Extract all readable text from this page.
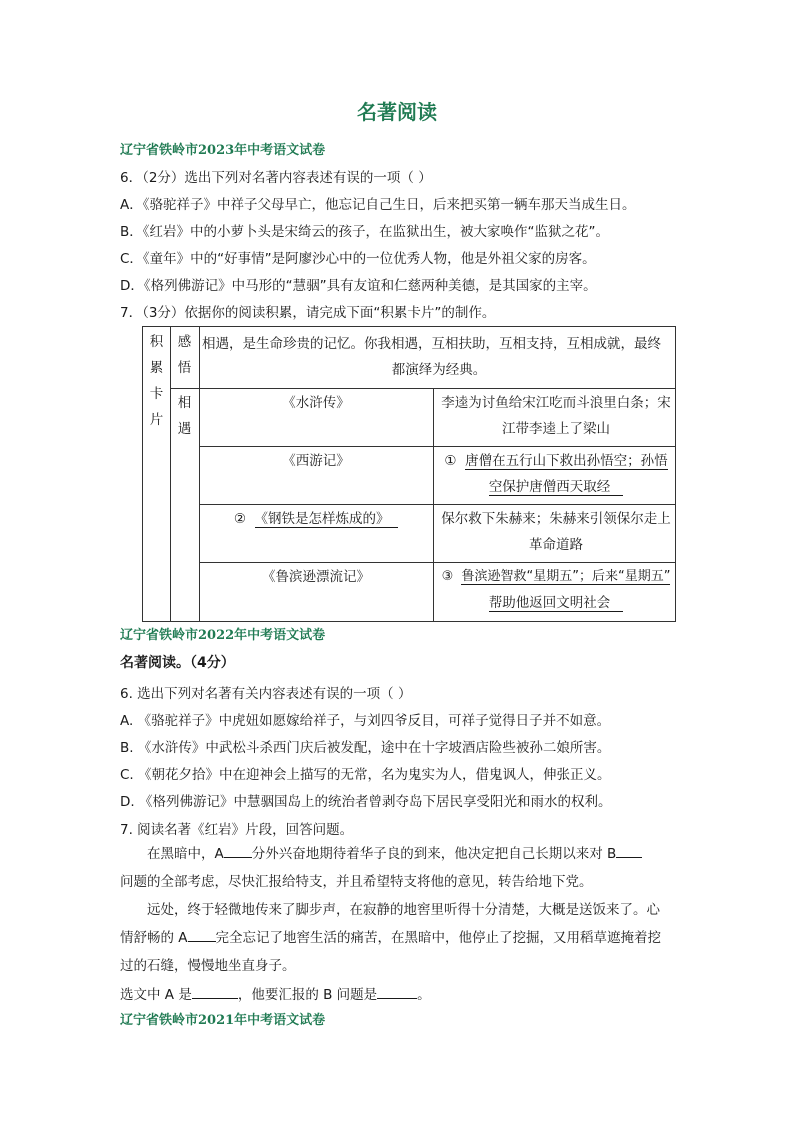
名著阅读
辽宁省铁岭市2023年中考语文试卷
6．（2分）选出下列对名著内容表述有误的一项（ ）
A．《骆驼祥子》中祥子父母早亡，他忘记自己生日，后来把买第一辆车那天当成生日。
B．《红岩》中的小萝卜头是宋绮云的孩子，在监狱出生，被大家唤作“监狱之花”。
C．《童年》中的“好事情”是阿廖沙心中的一位优秀人物，他是外祖父家的房客。
D．《格列佛游记》中马形的“慧骃”具有友谊和仁慈两种美德，是其国家的主宰。
7．（3分）依据你的阅读积累，请完成下面“积累卡片”的制作。
积
累
卡
片
感
悟
相
遇
相遇，是生命珍贵的记忆。你我相遇，互相扶助，互相支持，互相成就，最终
都演绎为经典。
《水浒传》	李逵为讨鱼给宋江吃而斗浪里白条；宋
江带李逵上了梁山
《西游记》	① 唐僧在五行山下救出孙悟空；孙悟
空保护唐僧西天取经
② 《钢铁是怎样炼成的》	保尔救下朱赫来；朱赫来引领保尔走上
革命道路
《鲁滨逊漂流记》	③ 鲁滨逊智救“星期五”；后来“星期五”
帮助他返回文明社会
辽宁省铁岭市2022年中考语文试卷
名著阅读。（4分）
6. 选出下列对名著有关内容表述有误的一项（ ）
A. 《骆驼祥子》中虎妞如愿嫁给祥子，与刘四爷反目，可祥子觉得日子并不如意。
B. 《水浒传》中武松斗杀西门庆后被发配，途中在十字坡酒店险些被孙二娘所害。
C. 《朝花夕拾》中在迎神会上描写的无常，名为鬼实为人，借鬼讽人，伸张正义。
D. 《格列佛游记》中慧骃国岛上的统治者曾剥夺岛下居民享受阳光和雨水的权利。
7. 阅读名著《红岩》片段，回答问题。
在黑暗中，A 分外兴奋地期待着华子良的到来，他决定把自己长期以来对 B
问题的全部考虑，尽快汇报给特支，并且希望特支将他的意见，转告给地下党。
远处，终于轻微地传来了脚步声，在寂静的地窖里听得十分清楚，大概是送饭来了。心
情舒畅的 A 完全忘记了地窖生活的痛苦，在黑暗中，他停止了挖掘，又用稻草遮掩着挖
过的石缝，慢慢地坐直身子。
选文中 A 是	，他要汇报的 B 问题是	。
辽宁省铁岭市2021年中考语文试卷
